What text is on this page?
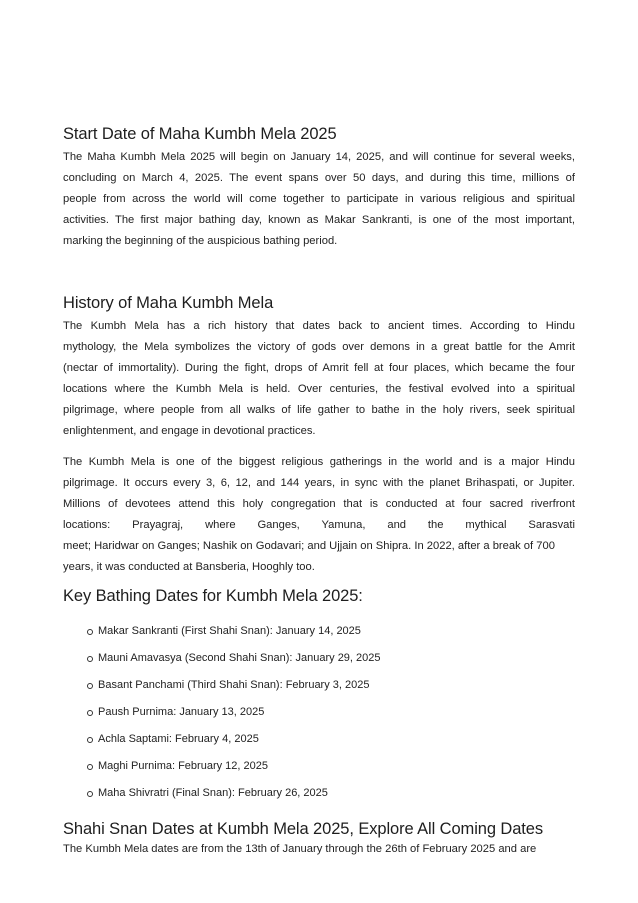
Start Date of Maha Kumbh Mela 2025
The Maha Kumbh Mela 2025 will begin on January 14, 2025, and will continue for several weeks,
concluding on March 4, 2025. The event spans over 50 days, and during this time, millions of
people from across the world will come together to participate in various religious and spiritual
activities. The first major bathing day, known as Makar Sankranti, is one of the most important,
marking the beginning of the auspicious bathing period.
History of Maha Kumbh Mela
The Kumbh Mela has a rich history that dates back to ancient times. According to Hindu
mythology, the Mela symbolizes the victory of gods over demons in a great battle for the Amrit
(nectar of immortality). During the fight, drops of Amrit fell at four places, which became the four
locations where the Kumbh Mela is held. Over centuries, the festival evolved into a spiritual
pilgrimage, where people from all walks of life gather to bathe in the holy rivers, seek spiritual
enlightenment, and engage in devotional practices.
The Kumbh Mela is one of the biggest religious gatherings in the world and is a major Hindu
pilgrimage. It occurs every 3, 6, 12, and 144 years, in sync with the planet Brihaspati, or Jupiter.
Millions of devotees attend this holy congregation that is conducted at four sacred riverfront
locations: Prayagraj, where Ganges, Yamuna, and the mythical Sarasvati
meet; Haridwar on Ganges; Nashik on Godavari; and Ujjain on Shipra. In 2022, after a break of 700
years, it was conducted at Bansberia, Hooghly too.
Key Bathing Dates for Kumbh Mela 2025:
Makar Sankranti (First Shahi Snan): January 14, 2025
Mauni Amavasya (Second Shahi Snan): January 29, 2025
Basant Panchami (Third Shahi Snan): February 3, 2025
Paush Purnima: January 13, 2025
Achla Saptami: February 4, 2025
Maghi Purnima: February 12, 2025
Maha Shivratri (Final Snan): February 26, 2025
Shahi Snan Dates at Kumbh Mela 2025, Explore All Coming Dates

The Kumbh Mela dates are from the 13th of January through the 26th of February 2025 and are
